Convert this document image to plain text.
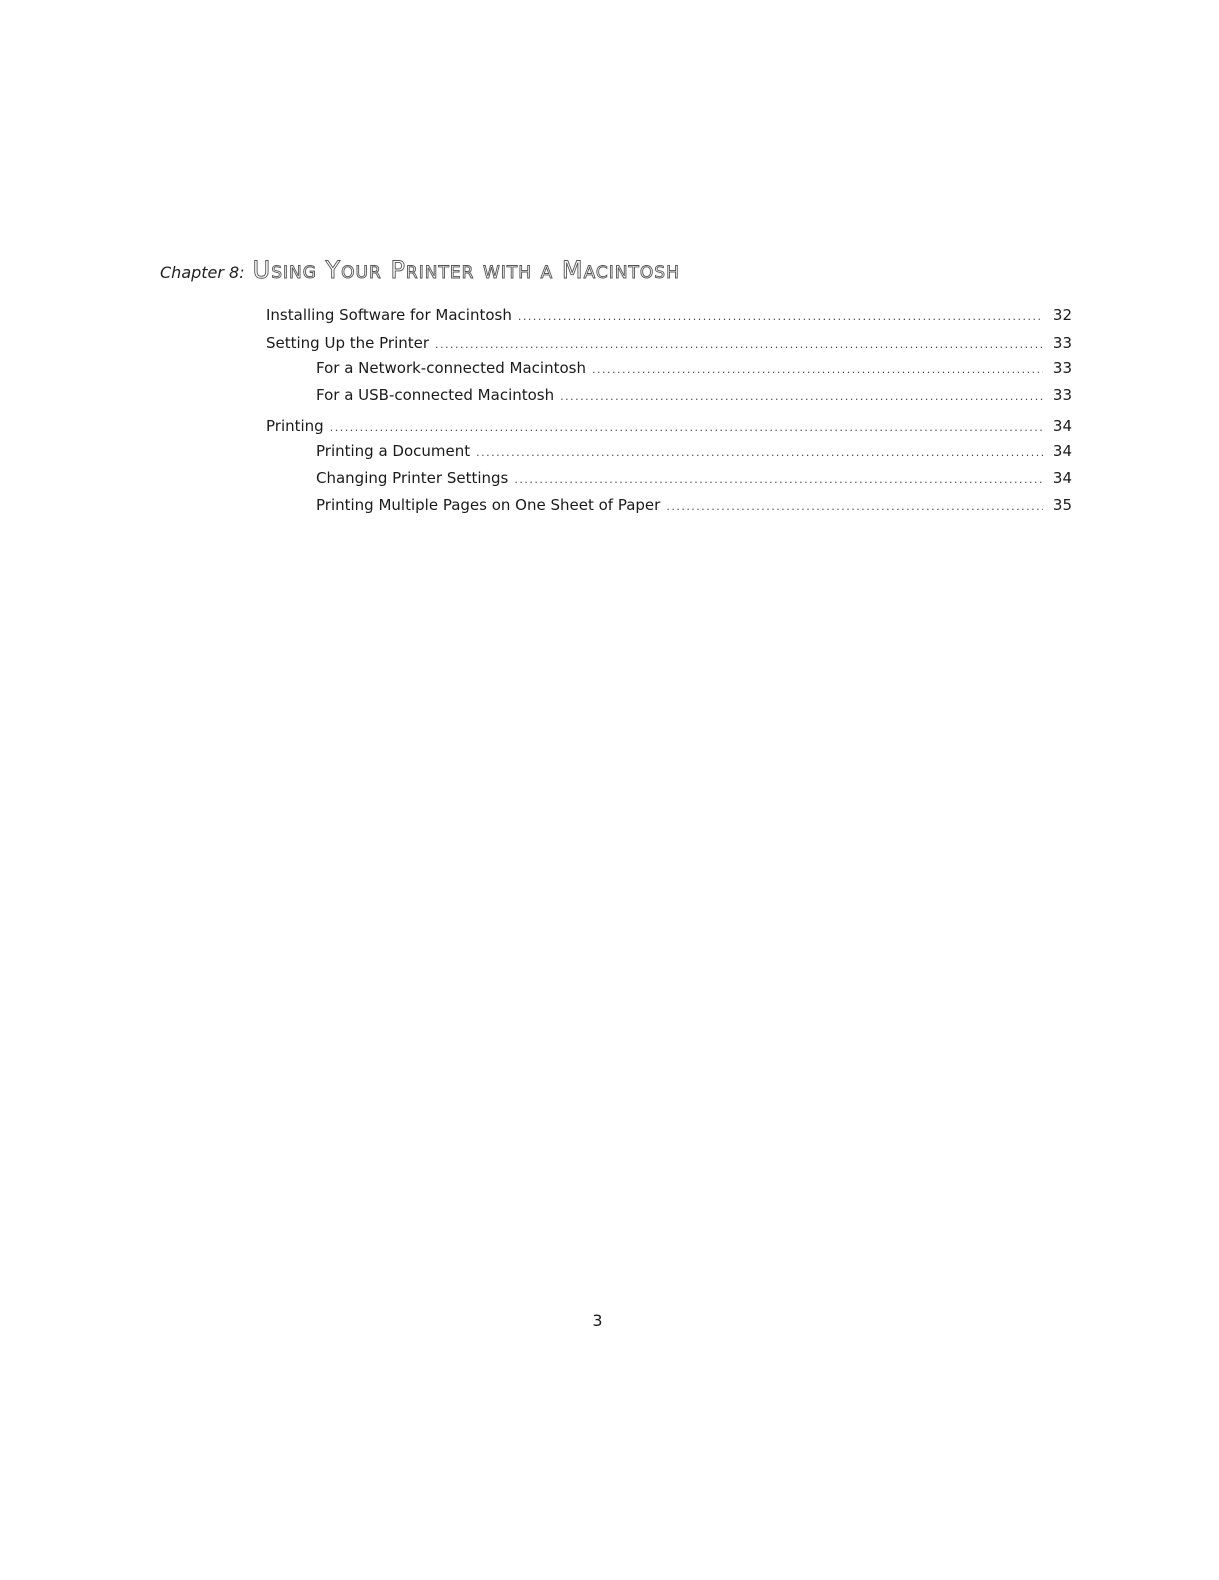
Chapter 8: Using Your Printer with a Macintosh
Installing Software for Macintosh .....	32
Setting Up the Printer .....	33
For a Network-connected Macintosh .....	33
For a USB-connected Macintosh .....	33
Printing .....	34
Printing a Document .....	34
Changing Printer Settings .....	34
Printing Multiple Pages on One Sheet of Paper .....	35
3
